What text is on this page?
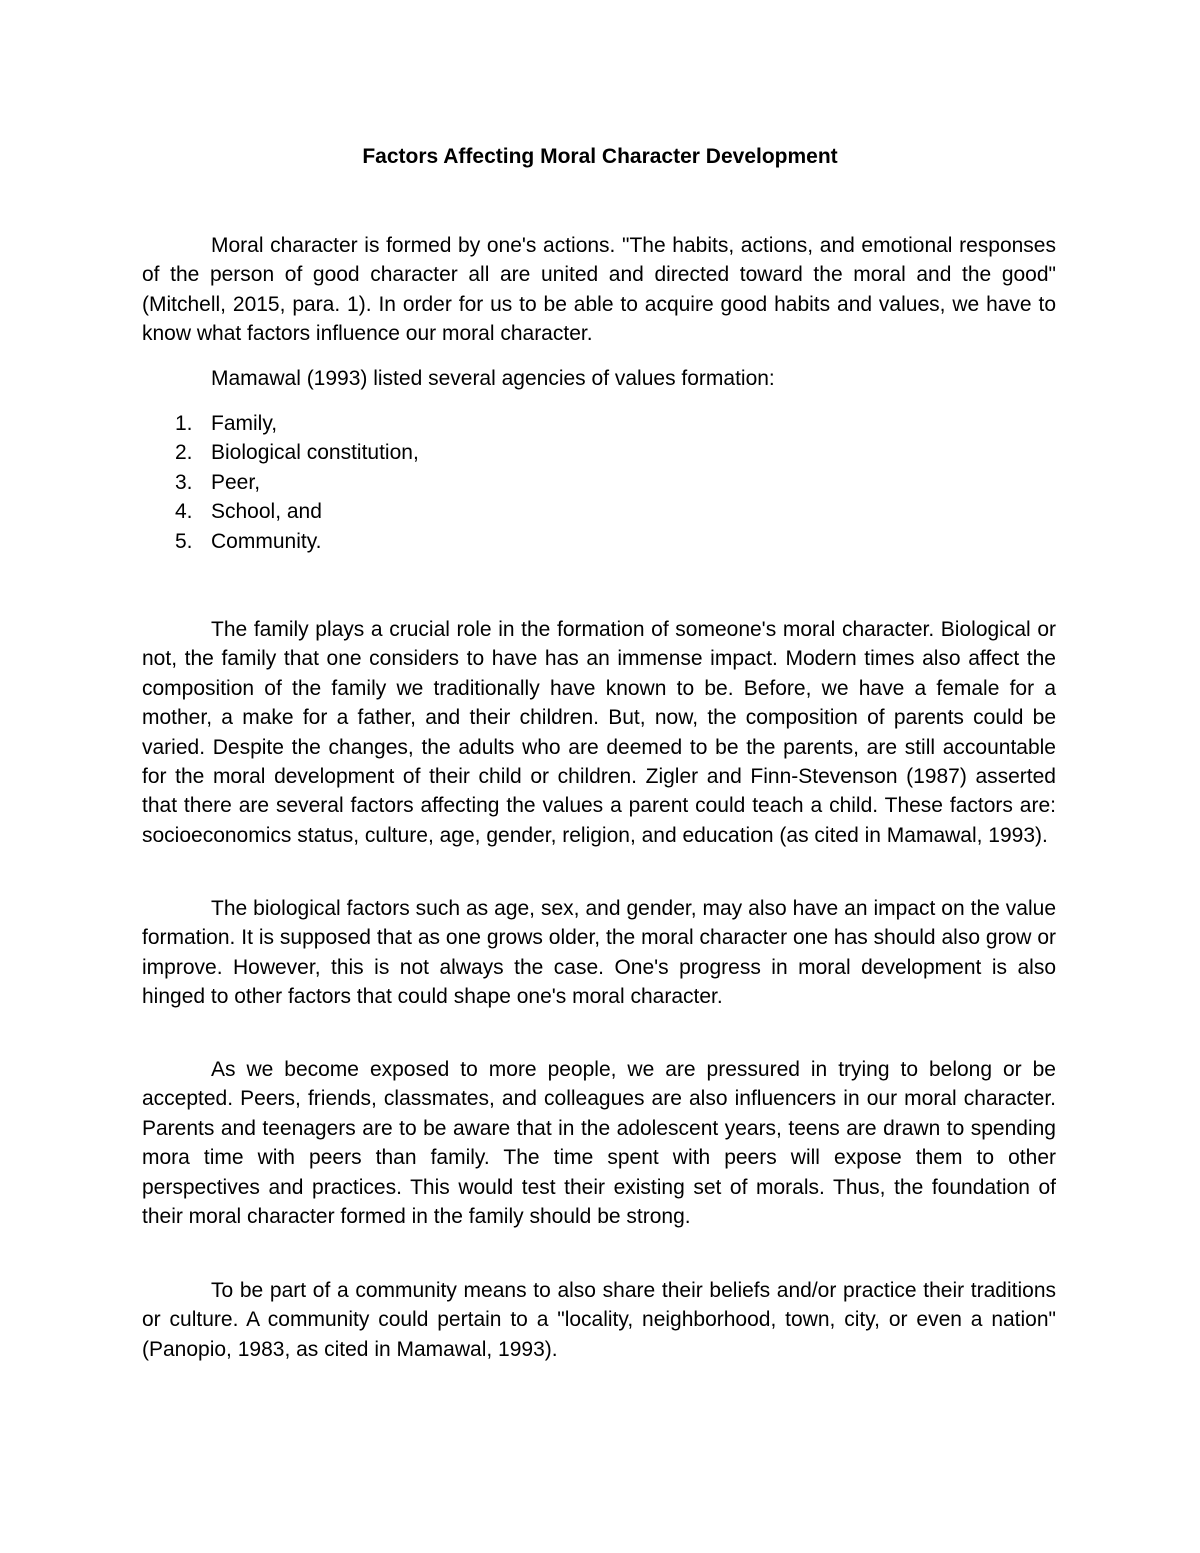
Factors Affecting Moral Character Development

Moral character is formed by one's actions. "The habits, actions, and emotional responses of the person of good character all are united and directed toward the moral and the good" (Mitchell, 2015, para. 1). In order for us to be able to acquire good habits and values, we have to know what factors influence our moral character.

Mamawal (1993) listed several agencies of values formation:

1. Family,
2. Biological constitution,
3. Peer,
4. School, and
5. Community.

The family plays a crucial role in the formation of someone's moral character. Biological or not, the family that one considers to have has an immense impact. Modern times also affect the composition of the family we traditionally have known to be. Before, we have a female for a mother, a make for a father, and their children. But, now, the composition of parents could be varied. Despite the changes, the adults who are deemed to be the parents, are still accountable for the moral development of their child or children. Zigler and Finn-Stevenson (1987) asserted that there are several factors affecting the values a parent could teach a child. These factors are: socioeconomics status, culture, age, gender, religion, and education (as cited in Mamawal, 1993).

The biological factors such as age, sex, and gender, may also have an impact on the value formation. It is supposed that as one grows older, the moral character one has should also grow or improve. However, this is not always the case. One's progress in moral development is also hinged to other factors that could shape one's moral character.

As we become exposed to more people, we are pressured in trying to belong or be accepted. Peers, friends, classmates, and colleagues are also influencers in our moral character. Parents and teenagers are to be aware that in the adolescent years, teens are drawn to spending mora time with peers than family. The time spent with peers will expose them to other perspectives and practices. This would test their existing set of morals. Thus, the foundation of their moral character formed in the family should be strong.

To be part of a community means to also share their beliefs and/or practice their traditions or culture. A community could pertain to a "locality, neighborhood, town, city, or even a nation" (Panopio, 1983, as cited in Mamawal, 1993).
